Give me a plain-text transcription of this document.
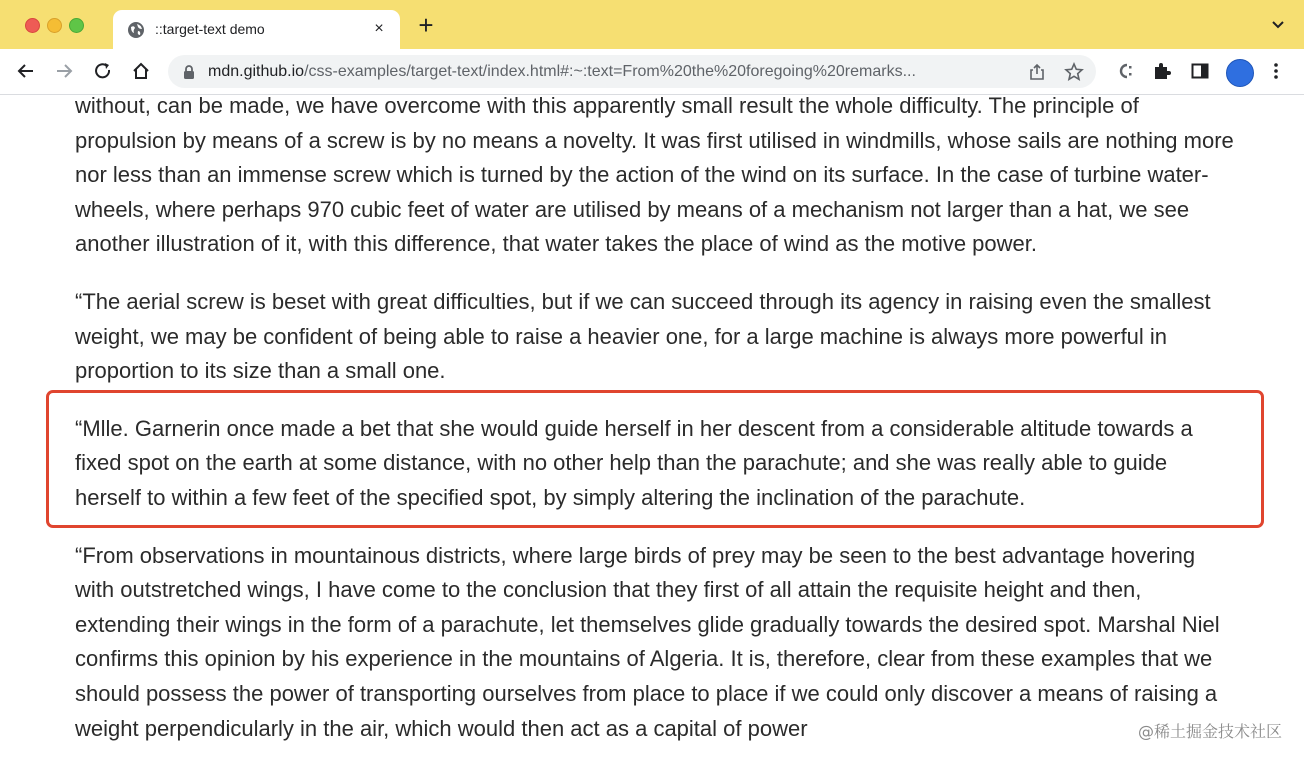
::target-text demo	× +
mdn.github.io/css-examples/target-text/index.html#:~:text=From%20the%20foregoing%20remarks...

without, can be made, we have overcome with this apparently small result the whole difficulty. The principle of propulsion by means of a screw is by no means a novelty. It was first utilised in windmills, whose sails are nothing more nor less than an immense screw which is turned by the action of the wind on its surface. In the case of turbine water-wheels, where perhaps 970 cubic feet of water are utilised by means of a mechanism not larger than a hat, we see another illustration of it, with this difference, that water takes the place of wind as the motive power.

“The aerial screw is beset with great difficulties, but if we can succeed through its agency in raising even the smallest weight, we may be confident of being able to raise a heavier one, for a large machine is always more powerful in proportion to its size than a small one.

“Mlle. Garnerin once made a bet that she would guide herself in her descent from a considerable altitude towards a fixed spot on the earth at some distance, with no other help than the parachute; and she was really able to guide herself to within a few feet of the specified spot, by simply altering the inclination of the parachute.

“From observations in mountainous districts, where large birds of prey may be seen to the best advantage hovering with outstretched wings, I have come to the conclusion that they first of all attain the requisite height and then, extending their wings in the form of a parachute, let themselves glide gradually towards the desired spot. Marshal Niel confirms this opinion by his experience in the mountains of Algeria. It is, therefore, clear from these examples that we should possess the power of transporting ourselves from place to place if we could only discover a means of raising a weight perpendicularly in the air, which would then act as a capital of power	@稀土掘金技术社区
